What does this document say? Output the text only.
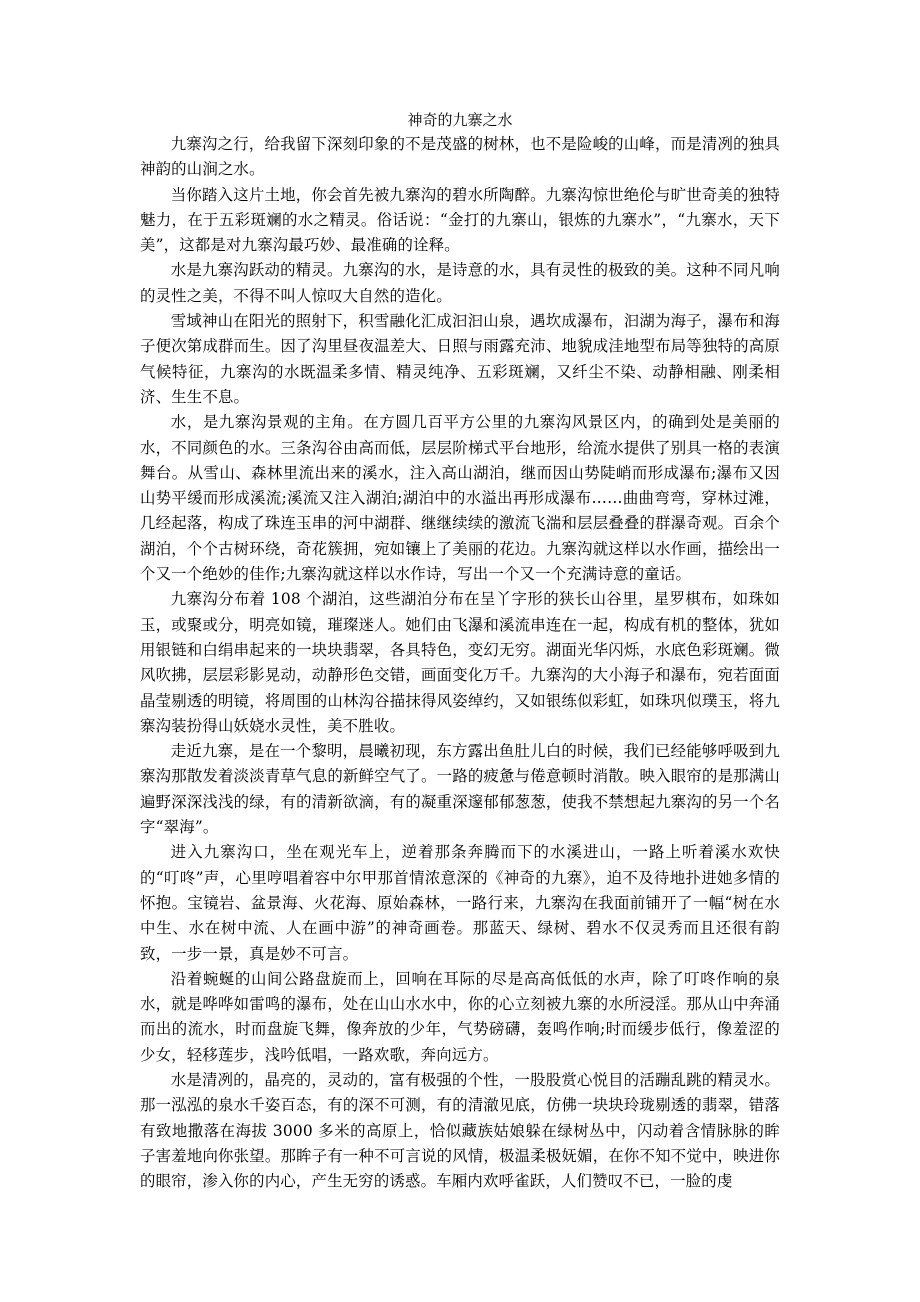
神奇的九寨之水

九寨沟之行，给我留下深刻印象的不是茂盛的树林，也不是险峻的山峰，而是清冽的独具神韵的山涧之水。

当你踏入这片土地，你会首先被九寨沟的碧水所陶醉。九寨沟惊世绝伦与旷世奇美的独特魅力，在于五彩斑斓的水之精灵。俗话说：“金打的九寨山，银炼的九寨水”，“九寨水，天下美”，这都是对九寨沟最巧妙、最准确的诠释。

水是九寨沟跃动的精灵。九寨沟的水，是诗意的水，具有灵性的极致的美。这种不同凡响的灵性之美，不得不叫人惊叹大自然的造化。

雪域神山在阳光的照射下，积雪融化汇成汩汩山泉，遇坎成瀑布，汩湖为海子，瀑布和海子便次第成群而生。因了沟里昼夜温差大、日照与雨露充沛、地貌成洼地型布局等独特的高原气候特征，九寨沟的水既温柔多情、精灵纯净、五彩斑斓，又纤尘不染、动静相融、刚柔相济、生生不息。

水，是九寨沟景观的主角。在方圆几百平方公里的九寨沟风景区内，的确到处是美丽的水，不同颜色的水。三条沟谷由高而低，层层阶梯式平台地形，给流水提供了别具一格的表演舞台。从雪山、森林里流出来的溪水，注入高山湖泊，继而因山势陡峭而形成瀑布;瀑布又因山势平缓而形成溪流;溪流又注入湖泊;湖泊中的水溢出再形成瀑布……曲曲弯弯，穿林过滩，几经起落，构成了珠连玉串的河中湖群、继继续续的激流飞湍和层层叠叠的群瀑奇观。百余个湖泊，个个古树环绕，奇花簇拥，宛如镶上了美丽的花边。九寨沟就这样以水作画，描绘出一个又一个绝妙的佳作;九寨沟就这样以水作诗，写出一个又一个充满诗意的童话。

九寨沟分布着 108 个湖泊，这些湖泊分布在呈丫字形的狭长山谷里，星罗棋布，如珠如玉，或聚或分，明亮如镜，璀璨迷人。她们由飞瀑和溪流串连在一起，构成有机的整体，犹如用银链和白绢串起来的一块块翡翠，各具特色，变幻无穷。湖面光华闪烁，水底色彩斑斓。微风吹拂，层层彩影晃动，动静形色交错，画面变化万千。九寨沟的大小海子和瀑布，宛若面面晶莹剔透的明镜，将周围的山林沟谷描抹得风姿绰约，又如银练似彩虹，如珠巩似璞玉，将九寨沟装扮得山妖娆水灵性，美不胜收。

走近九寨，是在一个黎明，晨曦初现，东方露出鱼肚儿白的时候，我们已经能够呼吸到九寨沟那散发着淡淡青草气息的新鲜空气了。一路的疲惫与倦意顿时消散。映入眼帘的是那满山遍野深深浅浅的绿，有的清新欲滴，有的凝重深邃郁郁葱葱，使我不禁想起九寨沟的另一个名字“翠海”。

进入九寨沟口，坐在观光车上，逆着那条奔腾而下的水溪进山，一路上听着溪水欢快的“叮咚”声，心里哼唱着容中尔甲那首情浓意深的《神奇的九寨》，迫不及待地扑进她多情的怀抱。宝镜岩、盆景海、火花海、原始森林，一路行来，九寨沟在我面前铺开了一幅“树在水中生、水在树中流、人在画中游”的神奇画卷。那蓝天、绿树、碧水不仅灵秀而且还很有韵致，一步一景，真是妙不可言。

沿着蜿蜒的山间公路盘旋而上，回响在耳际的尽是高高低低的水声，除了叮咚作响的泉水，就是哗哗如雷鸣的瀑布，处在山山水水中，你的心立刻被九寨的水所浸淫。那从山中奔涌而出的流水，时而盘旋飞舞，像奔放的少年，气势磅礴，轰鸣作响;时而缓步低行，像羞涩的少女，轻移莲步，浅吟低唱，一路欢歌，奔向远方。

水是清冽的，晶亮的，灵动的，富有极强的个性，一股股赏心悦目的活蹦乱跳的精灵水。那一泓泓的泉水千姿百态，有的深不可测，有的清澈见底，仿佛一块块玲珑剔透的翡翠，错落有致地撒落在海拔 3000 多米的高原上，恰似藏族姑娘躲在绿树丛中，闪动着含情脉脉的眸子害羞地向你张望。那眸子有一种不可言说的风情，极温柔极妩媚，在你不知不觉中，映进你的眼帘，渗入你的内心，产生无穷的诱惑。车厢内欢呼雀跃，人们赞叹不已，一脸的虔
